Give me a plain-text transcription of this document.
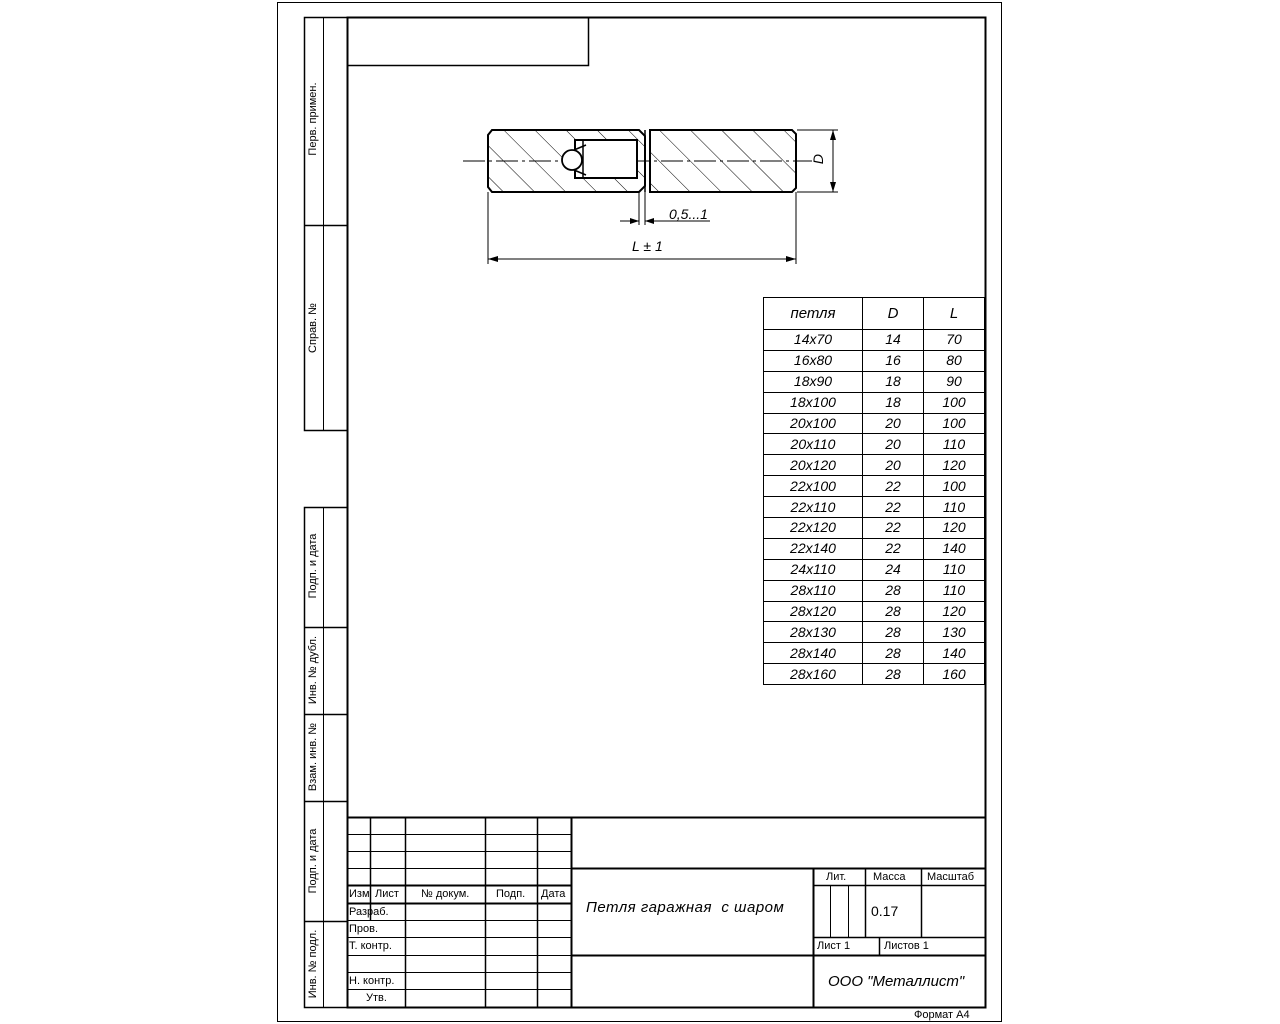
Перв. примен.
Справ. №
Подп. и дата
Инв. № дубл.
Взам. инв. №
Подп. и дата
Инв. № подл.
0,5...1
L ± 1
D
петля	D	L
14x70	14	70
16x80	16	80
18x90	18	90
18x100	18	100
20x100	20	100
20x110	20	110
20x120	20	120
22x100	22	100
22x110	22	110
22x120	22	120
22x140	22	140
24x110	24	110
28x110	28	110
28x120	28	120
28x130	28	130
28x140	28	140
28x160	28	160
Изм Лист № докум. Подп. Дата
Разраб.
Пров.
Т. контр.
Н. контр.
Утв.
Петля гаражная  с шаром
Лит. Масса Масштаб
0.17
Лист 1	Листов 1
ООО "Металлист"
Формат А4
